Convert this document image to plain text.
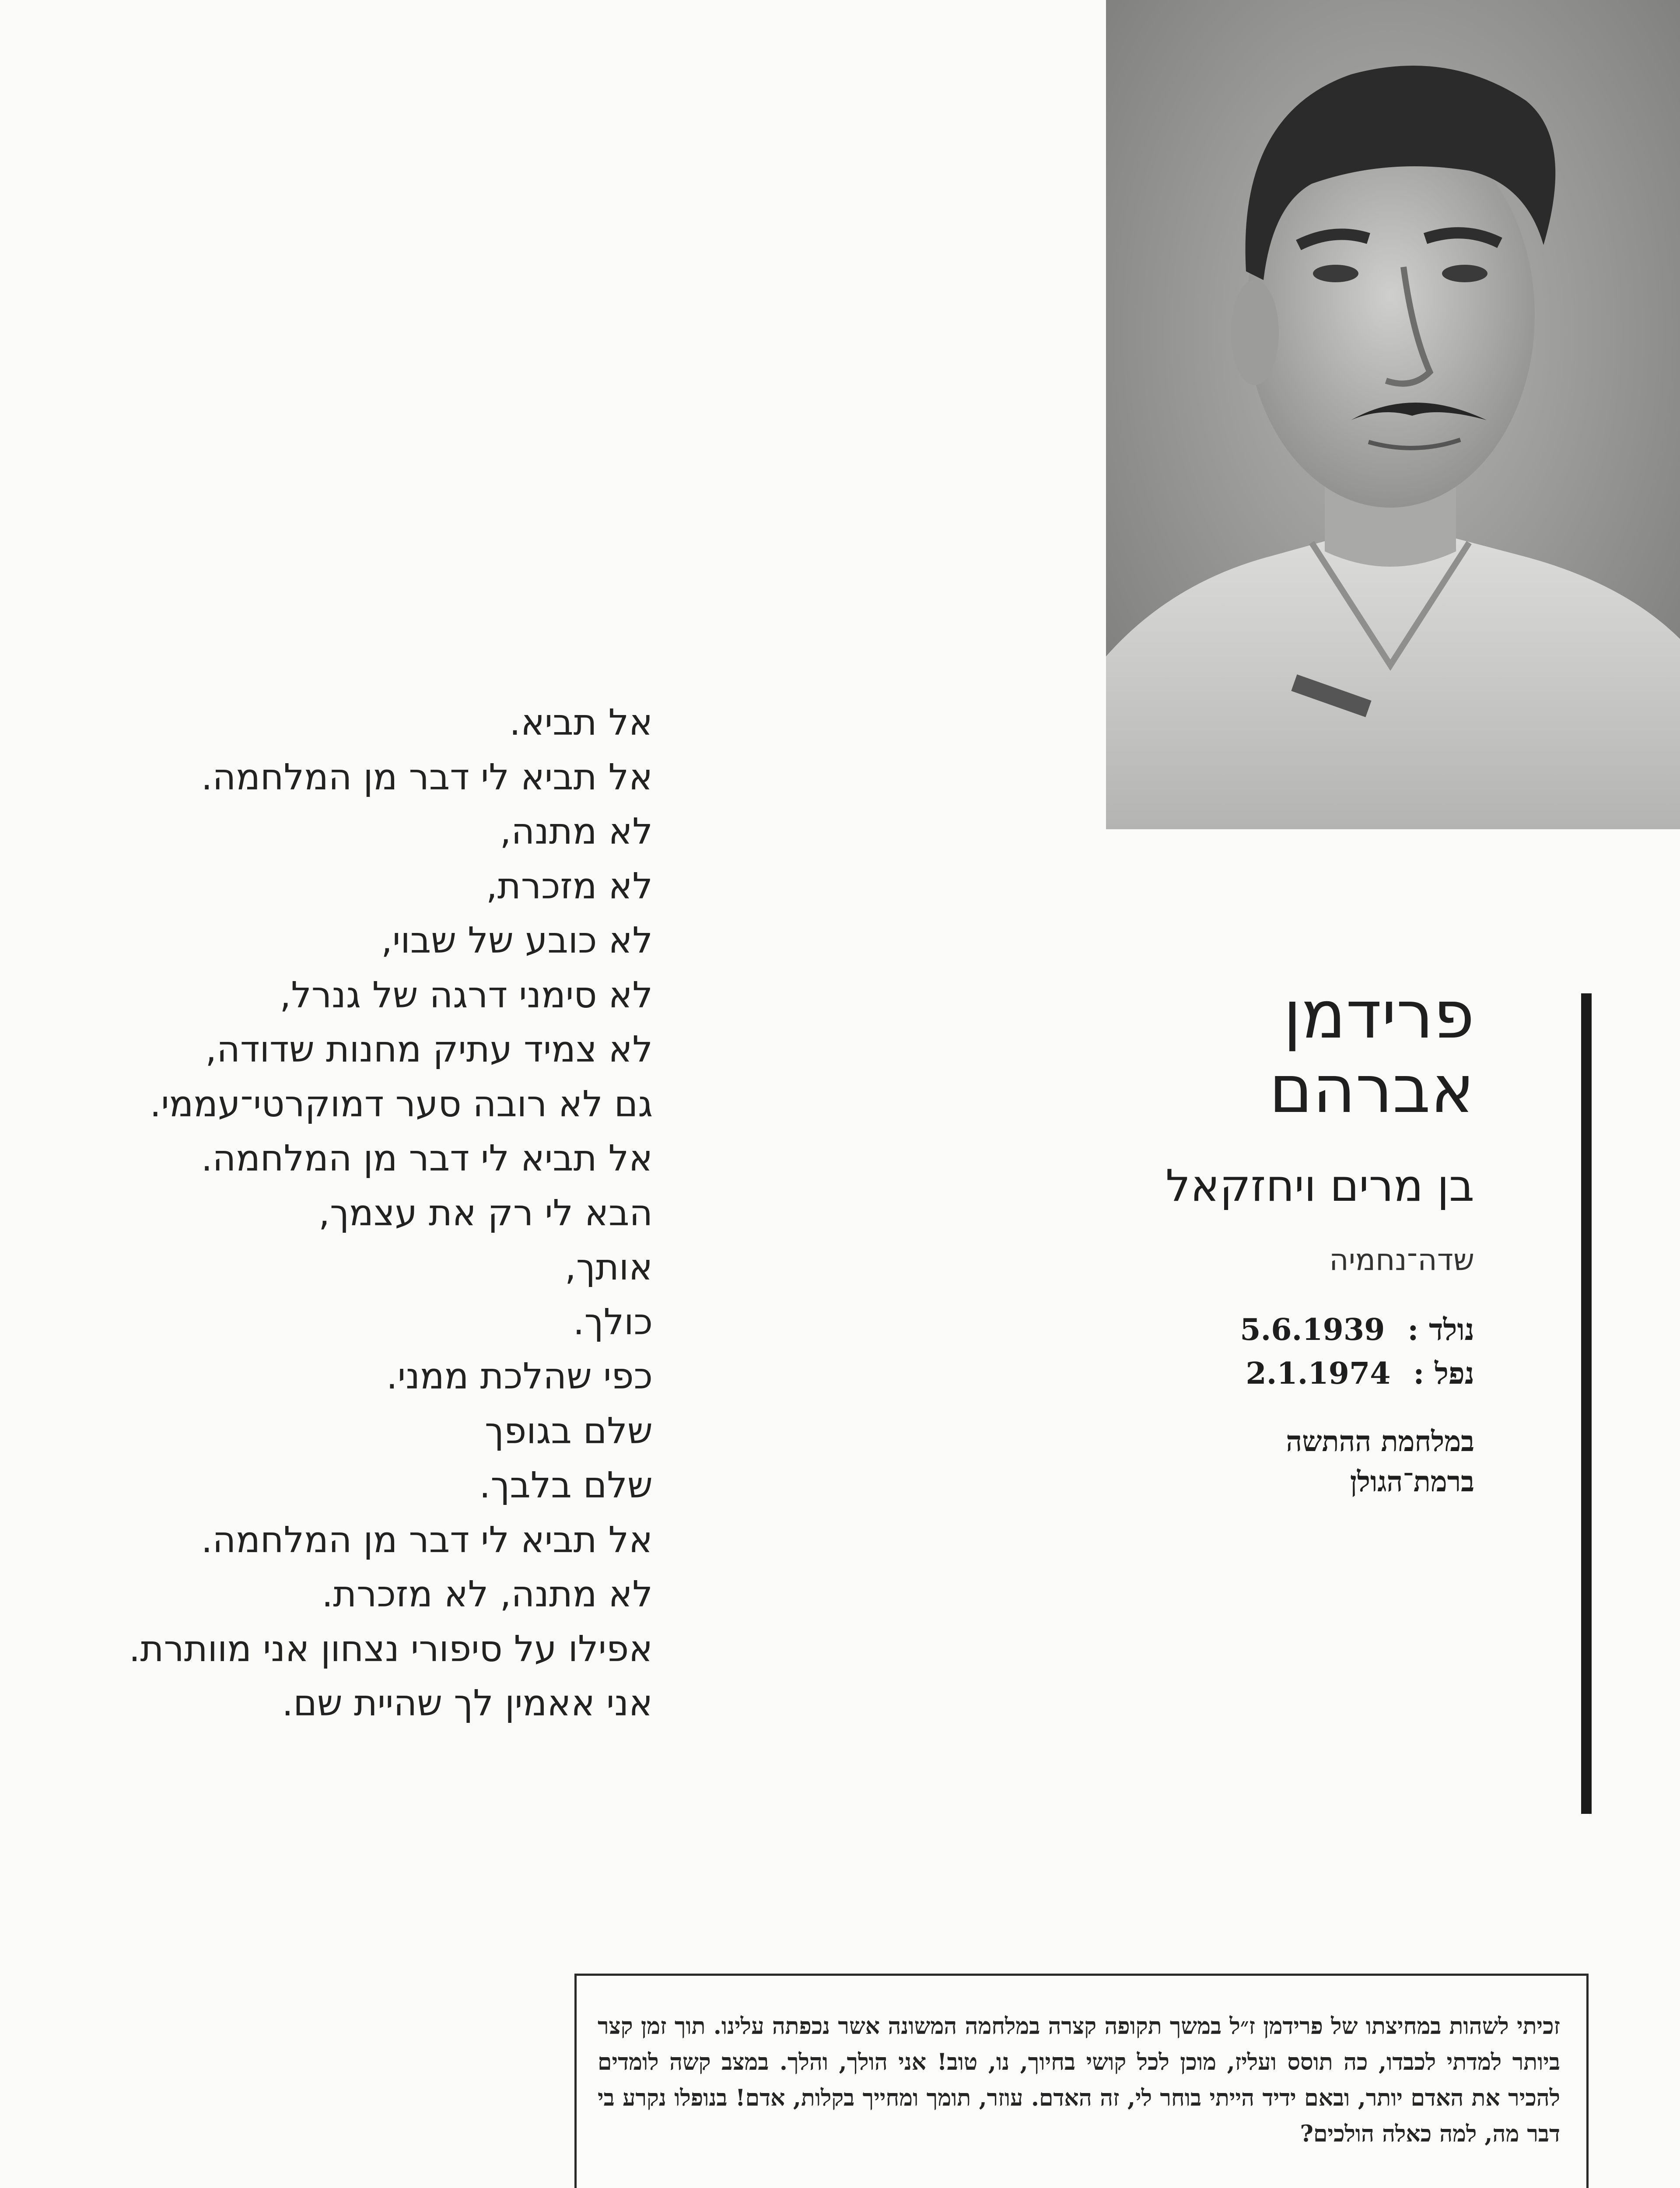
אל תביא.
אל תביא לי דבר מן המלחמה.
לא מתנה,
לא מזכרת,
לא כובע של שבוי,
לא סימני דרגה של גנרל,
לא צמיד עתיק מחנות שדודה,
גם לא רובה סער דמוקרטי־עממי.
אל תביא לי דבר מן המלחמה.
הבא לי רק את עצמך,
אותך,
כולך.
כפי שהלכת ממני.
שלם בגופך
שלם בלבך.
אל תביא לי דבר מן המלחמה.
לא מתנה, לא מזכרת.
אפילו על סיפורי נצחון אני מוותרת.
אני אאמין לך שהיית שם.
פרידמן
אברהם
בן מרים ויחזקאל
שדה־נחמיה
נולד : 5.6.1939
נפל : 2.1.1974
במלחמת ההתשה
ברמת־הגולן
זכיתי לשהות במחיצתו של פרידמן ז״ל במשך תקופה קצרה במלחמה המשונה אשר נכפתה עלינו. תוך זמן קצר ביותר למדתי לכבדו, כה תוסס ועליז, מוכן לכל קושי בחיוך, נו, טוב! אני הולך, והלך. במצב קשה לומדים להכיר את האדם יותר, ובאם ידיד הייתי בוחר לי, זה האדם. עוזר, תומך ומחייך בקלות, אדם! בנופלו נקרע בי דבר מה, למה כאלה הולכים?
